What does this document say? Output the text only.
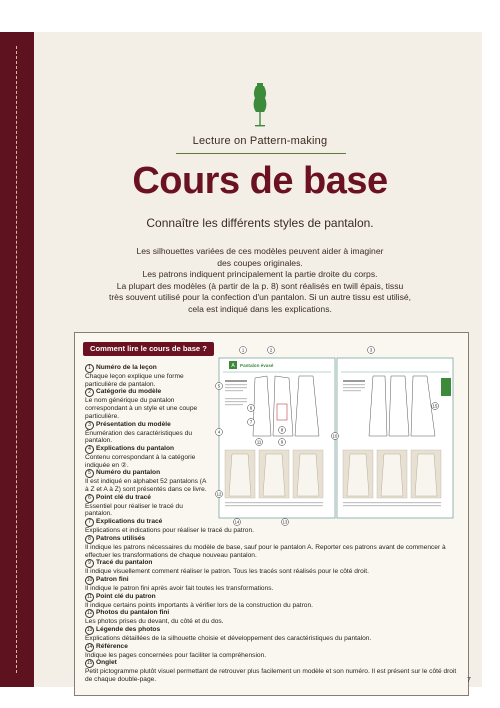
Lecture on Pattern-making
Cours de base
Connaître les différents styles de pantalon.

Les silhouettes variées de ces modèles peuvent aider à imaginer

des coupes originales.

Les patrons indiquent principalement la partie droite du corps.

La plupart des modèles (à partir de la p. 8) sont réalisés en twill épais, tissu

très souvent utilisé pour la confection d'un pantalon. Si un autre tissu est utilisé,

cela est indiqué dans les explications.

Comment lire le cours de base ?	1	2	3
A Pantalon évasé
5
4
12
6
7
8
9
11
10
15
14	13
1 Numéro de la leçon
Chaque leçon explique une forme particulière de pantalon.
2 Catégorie du modèle
Le nom générique du pantalon correspondant à un style et une coupe particulière.
3 Présentation du modèle
Énumération des caractéristiques du pantalon.
4 Explications du pantalon
Contenu correspondant à la catégorie indiquée en ②.
5 Numéro du pantalon
Il est indiqué en alphabet 52 pantalons (A à Z et A à Z) sont présentés dans ce livre.
6 Point clé du tracé
Essentiel pour réaliser le tracé du pantalon.
7 Explications du tracé
Explications et indications pour réaliser le tracé du patron.
8 Patrons utilisés
Il indique les patrons nécessaires du modèle de base, sauf pour le pantalon A. Reporter ces patrons avant de commencer à effectuer les transformations de chaque nouveau pantalon.
9 Tracé du pantalon
Il indique visuellement comment réaliser le patron. Tous les tracés sont réalisés pour le côté droit.
10 Patron fini
Il indique le patron fini après avoir fait toutes les transformations.
11 Point clé du patron
Il indique certains points importants à vérifier lors de la construction du patron.
12 Photos du pantalon fini
Les photos prises du devant, du côté et du dos.
13 Légende des photos
Explications détaillées de la silhouette choisie et développement des caractéristiques du pantalon.
14 Référence
Indique les pages concernées pour faciliter la compréhension.
15 Onglet
Petit pictogramme plutôt visuel permettant de retrouver plus facilement un modèle et son numéro. Il est présent sur le côté droit de chaque double-page.	7
